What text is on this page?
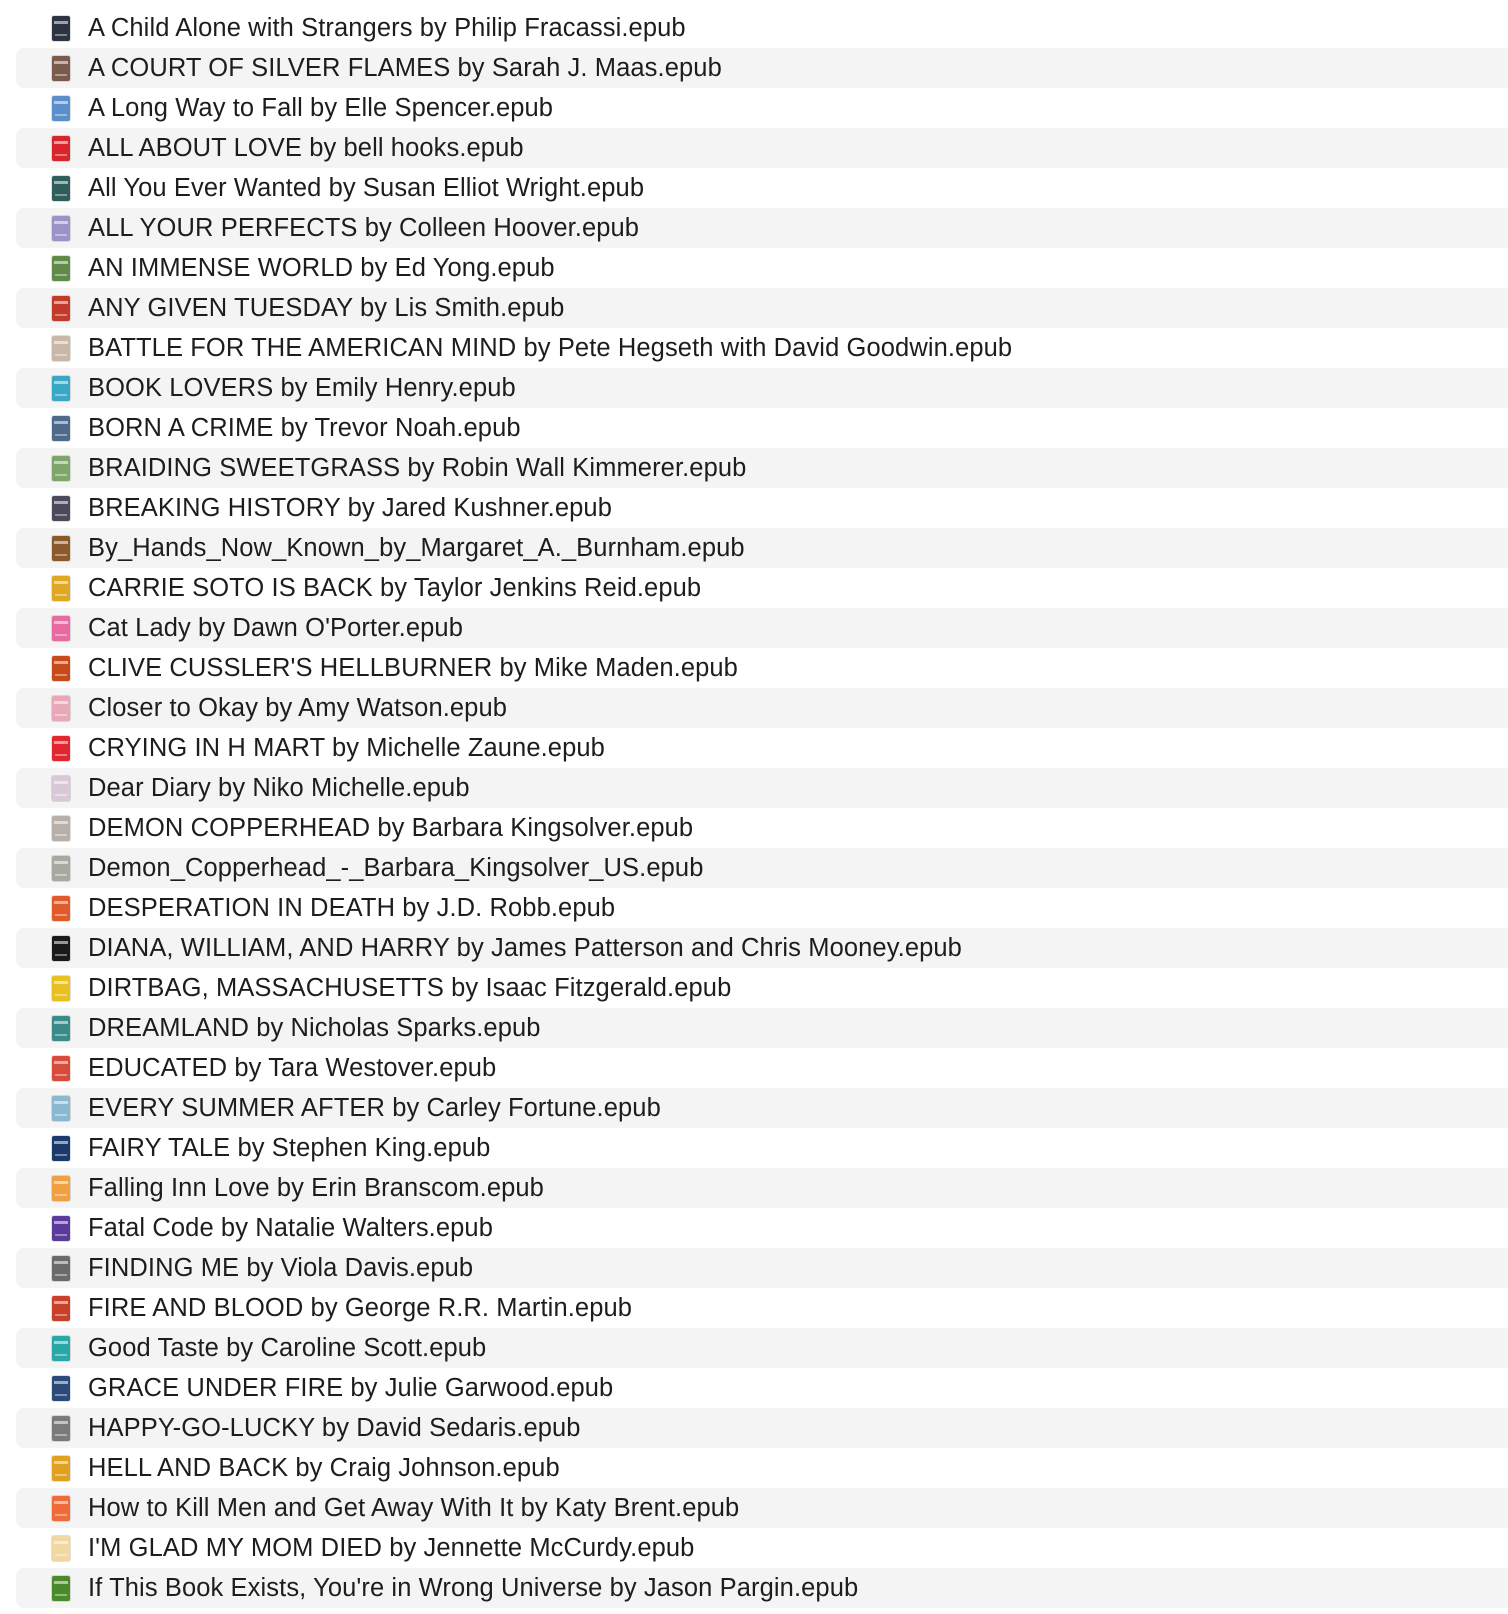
A Child Alone with Strangers by Philip Fracassi.epub
A COURT OF SILVER FLAMES by Sarah J. Maas.epub
A Long Way to Fall by Elle Spencer.epub
ALL ABOUT LOVE by bell hooks.epub
All You Ever Wanted by Susan Elliot Wright.epub
ALL YOUR PERFECTS by Colleen Hoover.epub
AN IMMENSE WORLD by Ed Yong.epub
ANY GIVEN TUESDAY by Lis Smith.epub
BATTLE FOR THE AMERICAN MIND by Pete Hegseth with David Goodwin.epub
BOOK LOVERS by Emily Henry.epub
BORN A CRIME by Trevor Noah.epub
BRAIDING SWEETGRASS by Robin Wall Kimmerer.epub
BREAKING HISTORY by Jared Kushner.epub
By_Hands_Now_Known_by_Margaret_A._Burnham.epub
CARRIE SOTO IS BACK by Taylor Jenkins Reid.epub
Cat Lady by Dawn O'Porter.epub
CLIVE CUSSLER'S HELLBURNER by Mike Maden.epub
Closer to Okay by Amy Watson.epub
CRYING IN H MART by Michelle Zaune.epub
Dear Diary by Niko Michelle.epub
DEMON COPPERHEAD by Barbara Kingsolver.epub
Demon_Copperhead_-_Barbara_Kingsolver_US.epub
DESPERATION IN DEATH by J.D. Robb.epub
DIANA, WILLIAM, AND HARRY by James Patterson and Chris Mooney.epub
DIRTBAG, MASSACHUSETTS by Isaac Fitzgerald.epub
DREAMLAND by Nicholas Sparks.epub
EDUCATED by Tara Westover.epub
EVERY SUMMER AFTER by Carley Fortune.epub
FAIRY TALE by Stephen King.epub
Falling Inn Love by Erin Branscom.epub
Fatal Code by Natalie Walters.epub
FINDING ME by Viola Davis.epub
FIRE AND BLOOD by George R.R. Martin.epub
Good Taste by Caroline Scott.epub
GRACE UNDER FIRE by Julie Garwood.epub
HAPPY-GO-LUCKY by David Sedaris.epub
HELL AND BACK by Craig Johnson.epub
How to Kill Men and Get Away With It by Katy Brent.epub
I'M GLAD MY MOM DIED by Jennette McCurdy.epub
If This Book Exists, You're in Wrong Universe by Jason Pargin.epub
